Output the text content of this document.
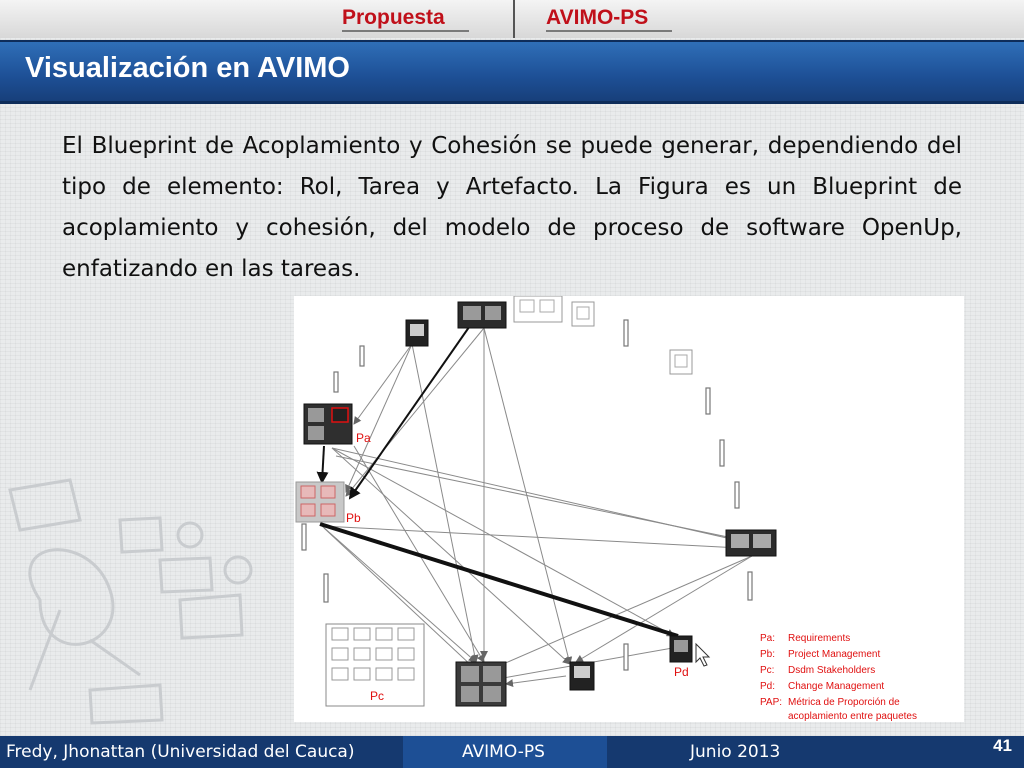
Propuesta	AVIMO-PS
Visualización en AVIMO
El Blueprint de Acoplamiento y Cohesión se puede generar, dependiendo del tipo de elemento: Rol, Tarea y Artefacto. La Figura es un Blueprint de acoplamiento y cohesión, del modelo de proceso de software OpenUp, enfatizando en las tareas.
Pa
Pb
Pc
Pd
Pa: Requirements
Pb: Project Management
Pc: Dsdm Stakeholders
Pd: Change Management
PAP: Métrica de Proporción de
acoplamiento entre paquetes
Fredy, Jhonattan (Universidad del Cauca)	AVIMO-PS	Junio 2013	41
